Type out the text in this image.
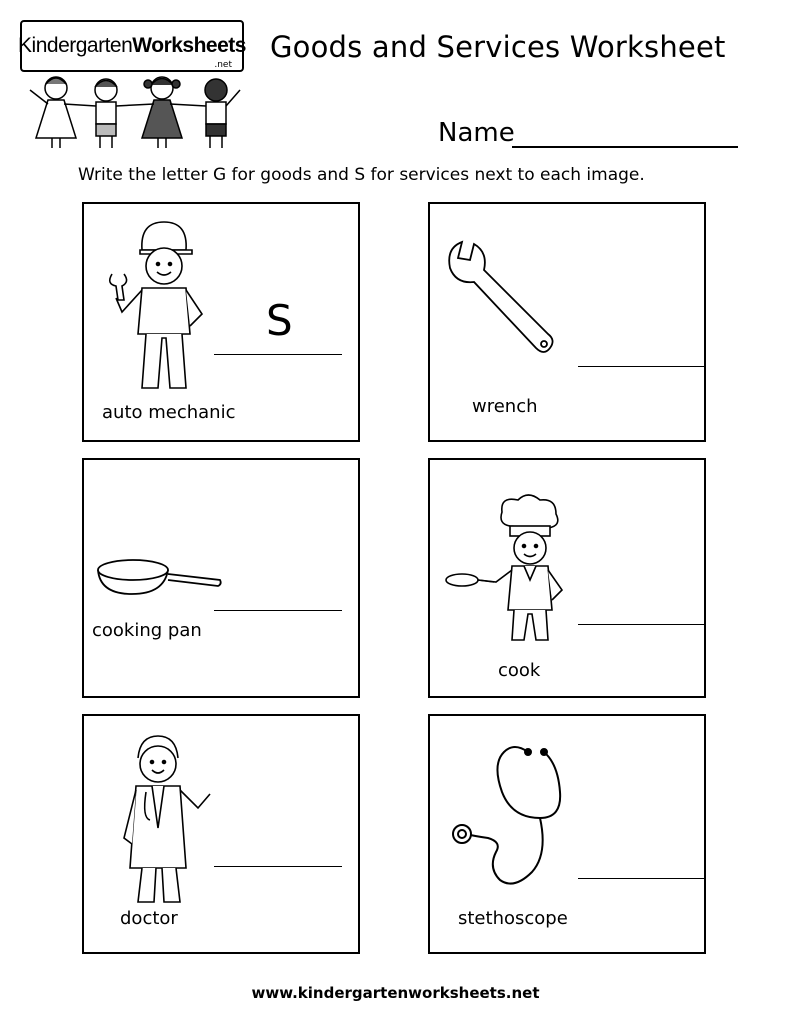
KindergartenWorksheets
.net
Goods and Services Worksheet
Name
Write the letter G for goods and S for services next to each image.
S
auto mechanic	wrench
cooking pan
cook
doctor	stethoscope
www.kindergartenworksheets.net
